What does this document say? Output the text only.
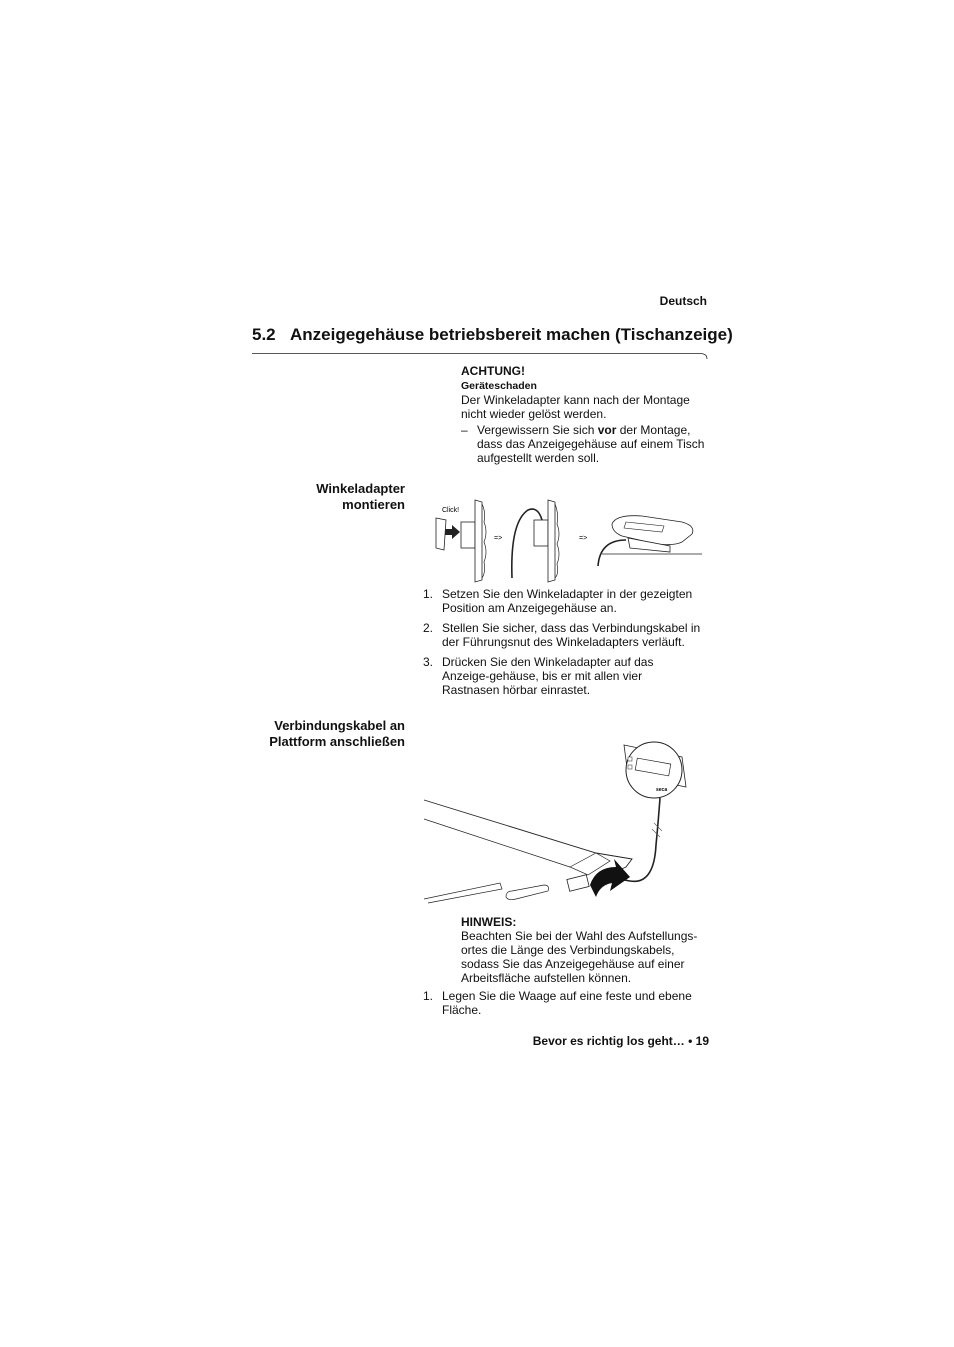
Deutsch
5.2 Anzeigegehäuse betriebsbereit machen (Tischanzeige)
ACHTUNG!
Geräteschaden
Der Winkeladapter kann nach der Montage nicht wieder gelöst werden.
– Vergewissern Sie sich vor der Montage, dass das Anzeigegehäuse auf einem Tisch aufgestellt werden soll.
Winkeladapter
montieren	Click!
=>	=>
1. Setzen Sie den Winkeladapter in der gezeigten Position am Anzeigegehäuse an.
2. Stellen Sie sicher, dass das Verbindungskabel in der Führungsnut des Winkeladapters verläuft.
3. Drücken Sie den Winkeladapter auf das Anzeige-gehäuse, bis er mit allen vier Rastnasen hörbar einrastet.
Verbindungskabel an
Plattform anschließen
seca
HINWEIS:
Beachten Sie bei der Wahl des Aufstellungs-ortes die Länge des Verbindungskabels, sodass Sie das Anzeigegehäuse auf einer Arbeitsfläche aufstellen können.
1. Legen Sie die Waage auf eine feste und ebene Fläche.
Bevor es richtig los geht… • 19
